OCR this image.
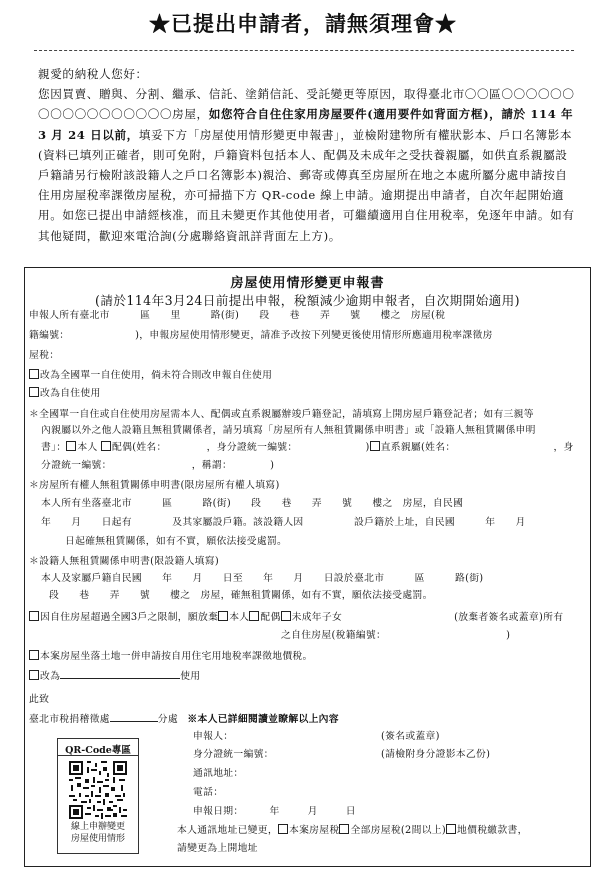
★已提出申請者，請無須理會★

親愛的納稅人您好：

您因買賣、贈與、分割、繼承、信託、塗銷信託、受託變更等原因，取得臺北市〇〇區〇〇〇〇〇〇〇〇〇〇〇〇〇〇〇〇〇房屋，如您符合自住住家用房屋要件(適用要件如背面方框)，請於 114 年 3 月 24 日以前，填妥下方「房屋使用情形變更申報書」，並檢附建物所有權狀影本、戶口名簿影本(資料已填列正確者，則可免附，戶籍資料包括本人、配偶及未成年之受扶養親屬，如供直系親屬設戶籍請另行檢附該設籍人之戶口名簿影本)親洽、郵寄或傳真至房屋所在地之本處所屬分處申請按自住用房屋稅率課徵房屋稅，亦可掃描下方 QR-code 線上申請。逾期提出申請者，自次年起開始適用。如您已提出申請經核准，而且未變更作其他使用者，可繼續適用自住用稅率，免逐年申請。如有其他疑問，歡迎來電洽詢(分處聯絡資訊詳背面左上方)。

房屋使用情形變更申報書
(請於114年3月24日前提出申報，稅額減少逾期申報者，自次期開始適用)
申報人所有臺北市　　　區　　里　　　路(街)　　段　　巷　　弄　　號　　樓之　房屋(稅
籍編號：　　　　　　　)，申報房屋使用情形變更，請准予改按下列變更後使用情形所應適用稅率課徵房
屋稅：
改為全國單一自住使用，倘未符合則改申報自住使用
改為自住使用
＊全國單一自住或自住使用房屋需本人、配偶或直系親屬辦竣戶籍登記，請填寫上開房屋戶籍登記者；如有三親等
內親屬以外之他人設籍且無租賃關係者，請另填寫「房屋所有人無租賃關係申明書」或「設籍人無租賃關係申明
書」： 本人 配偶(姓名：	，身分證統一編號：	) 直系親屬(姓名：	，身
分證統一編號：	，稱謂：	)
＊房屋所有權人無租賃關係申明書(限房屋所有權人填寫)
本人所有坐落臺北市　　　區　　　路(街)　　段　　巷　　弄　　號　　樓之　房屋，自民國
年　　月　　日起有　　　　及其家屬設戶籍。該設籍人因　　　　　設戶籍於上址，自民國　　　年　　月
日起確無租賃關係，如有不實，願依法接受處罰。
＊設籍人無租賃關係申明書(限設籍人填寫)
本人及家屬戶籍自民國　　年　　月　　日至　　年　　月　　日設於臺北市　　　區　　　路(街)
段　　巷　　弄　　號　　樓之　房屋，確無租賃關係，如有不實，願依法接受處罰。
因自住房屋超過全國3戶之限制，願放棄 本人 配偶 未成年子女	(放棄者簽名或蓋章)所有
之自住房屋(稅籍編號：	)
本案房屋坐落土地一併申請按自用住宅用地稅率課徵地價稅。
改為	使用
此致
臺北市稅捐稽徵處	分處 ※本人已詳細閱讀並瞭解以上內容
申報人：	(簽名或蓋章)
身分證統一編號：	(請檢附身分證影本乙份)
通訊地址：
電話：
申報日期：	年	月	日
本人通訊地址已變更， 本案房屋稅 全部房屋稅(2間以上) 地價稅繳款書，
請變更為上開地址
QR-Code專區
線上申辦變更
房屋使用情形
